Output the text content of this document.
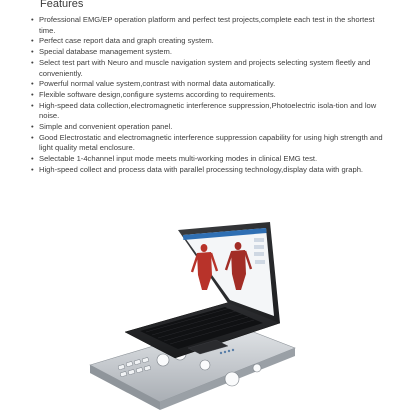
Features
• Professional EMG/EP operation platform and perfect test projects,complete each test in the shortest time.
• Perfect case report data and graph creating system.
• Special database management system.
• Select test part with Neuro and muscle navigation system and projects selecting system fleetly and conveniently.
• Powerful normal value system,contrast with normal data automatically.
• Flexible software design,configure systems according to requirements.
• High-speed data collection,electromagnetic interference suppression,Photoelectric isola-tion and low noise.
• Simple and convenient operation panel.
• Good Electrostatic and electromagnetic interference suppression capability for using high strength and light quality metal enclosure.
• Selectable 1-4channel input mode meets multi-working modes in clinical EMG test.
• High-speed collect and process data with parallel processing technology,display data with graph.
